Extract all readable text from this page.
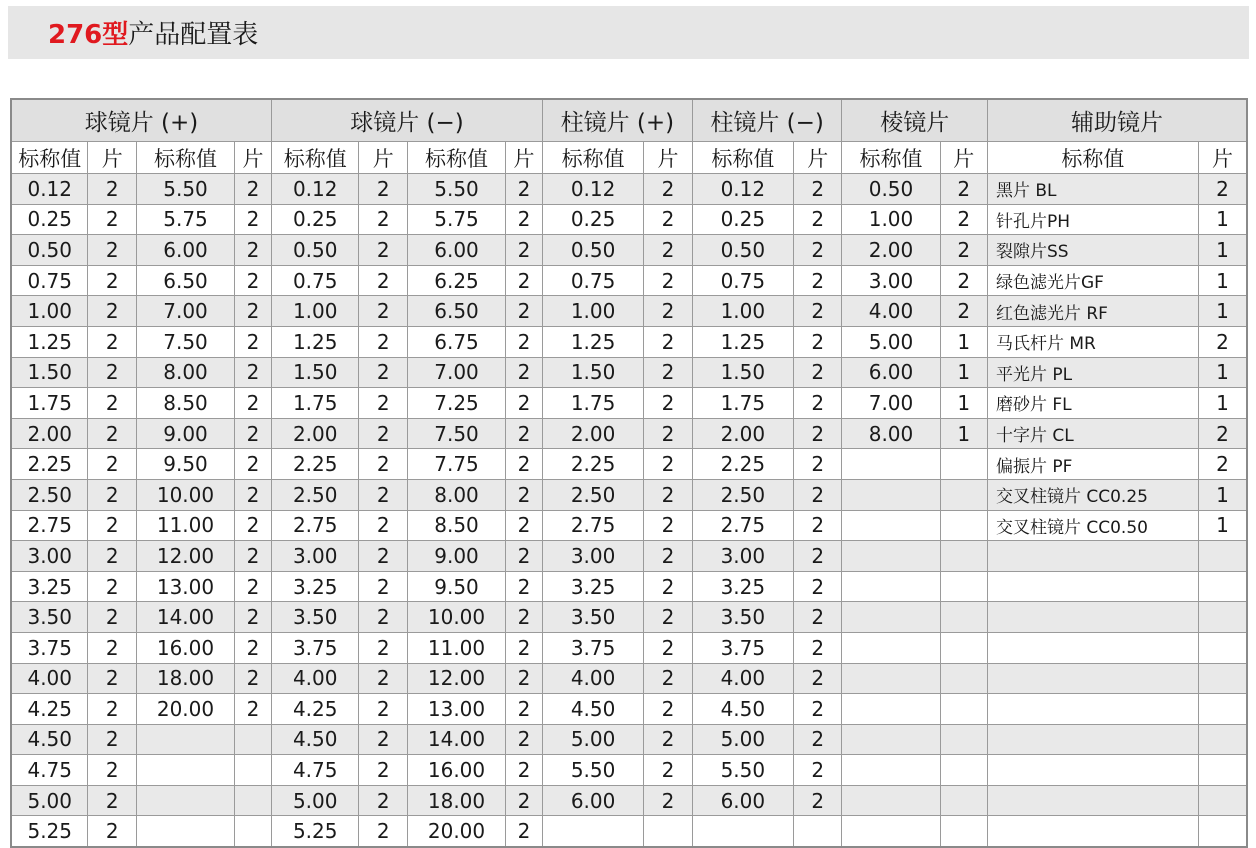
276型 产品配置表
球镜片 (+)				球镜片 (−)				柱镜片 (+)		柱镜片 (−)		棱镜片		辅助镜片	
标称值	片	标称值	片	标称值	片	标称值	片	标称值	片	标称值	片	标称值	片	标称值	片
0.12	2	5.50	2	0.12	2	5.50	2	0.12	2	0.12	2	0.50	2	黑片 BL	2
0.25	2	5.75	2	0.25	2	5.75	2	0.25	2	0.25	2	1.00	2	针孔片PH	1
0.50	2	6.00	2	0.50	2	6.00	2	0.50	2	0.50	2	2.00	2	裂隙片SS	1
0.75	2	6.50	2	0.75	2	6.25	2	0.75	2	0.75	2	3.00	2	绿色滤光片GF	1
1.00	2	7.00	2	1.00	2	6.50	2	1.00	2	1.00	2	4.00	2	红色滤光片 RF	1
1.25	2	7.50	2	1.25	2	6.75	2	1.25	2	1.25	2	5.00	1	马氏杆片 MR	2
1.50	2	8.00	2	1.50	2	7.00	2	1.50	2	1.50	2	6.00	1	平光片 PL	1
1.75	2	8.50	2	1.75	2	7.25	2	1.75	2	1.75	2	7.00	1	磨砂片 FL	1
2.00	2	9.00	2	2.00	2	7.50	2	2.00	2	2.00	2	8.00	1	十字片 CL	2
2.25	2	9.50	2	2.25	2	7.75	2	2.25	2	2.25	2			偏振片 PF	2
2.50	2	10.00	2	2.50	2	8.00	2	2.50	2	2.50	2			交叉柱镜片 CC0.25	1
2.75	2	11.00	2	2.75	2	8.50	2	2.75	2	2.75	2			交叉柱镜片 CC0.50	1
3.00	2	12.00	2	3.00	2	9.00	2	3.00	2	3.00	2				
3.25	2	13.00	2	3.25	2	9.50	2	3.25	2	3.25	2				
3.50	2	14.00	2	3.50	2	10.00	2	3.50	2	3.50	2				
3.75	2	16.00	2	3.75	2	11.00	2	3.75	2	3.75	2				
4.00	2	18.00	2	4.00	2	12.00	2	4.00	2	4.00	2				
4.25	2	20.00	2	4.25	2	13.00	2	4.50	2	4.50	2				
4.50	2			4.50	2	14.00	2	5.00	2	5.00	2				
4.75	2			4.75	2	16.00	2	5.50	2	5.50	2				
5.00	2			5.00	2	18.00	2	6.00	2	6.00	2				
5.25	2			5.25	2	20.00	2								
